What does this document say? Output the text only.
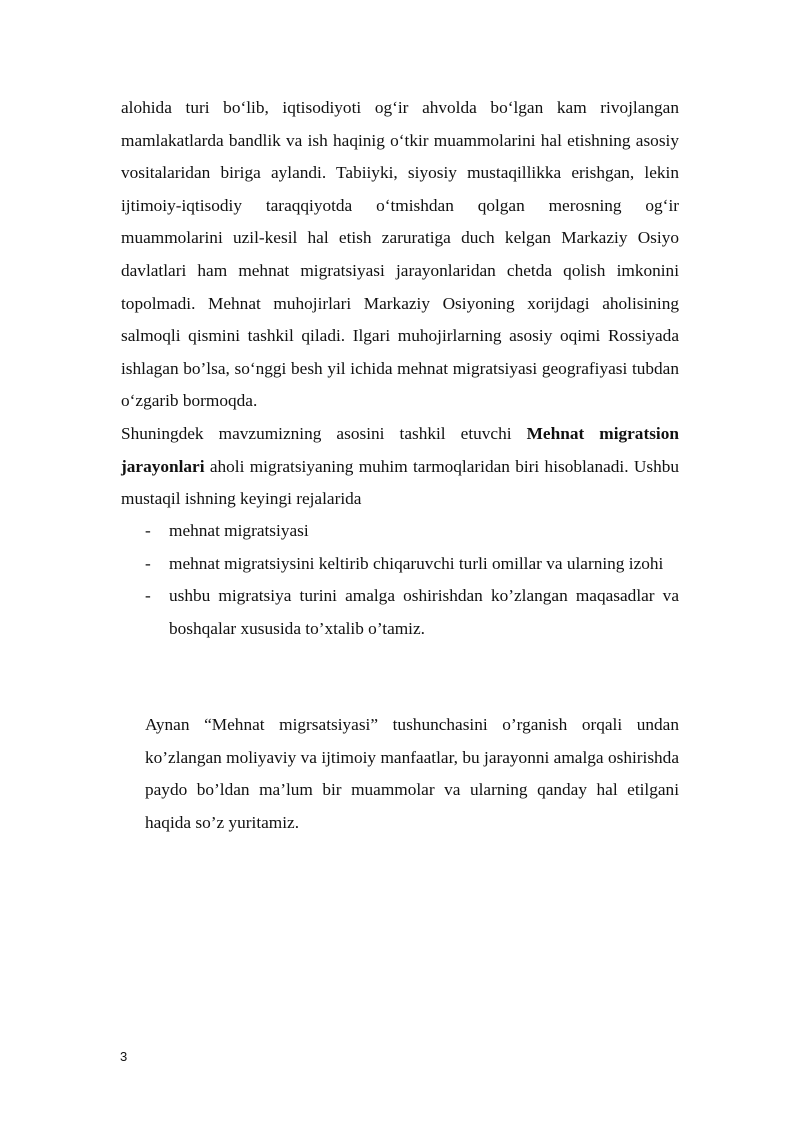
alohida turi bo‘lib, iqtisodiyoti og‘ir ahvolda bo‘lgan kam rivojlangan mamlakatlarda bandlik va ish haqinig o‘tkir muammolarini hal etishning asosiy vositalaridan biriga aylandi. Tabiiyki, siyosiy mustaqillikka erishgan, lekin ijtimoiy-iqtisodiy taraqqiyotda o‘tmishdan qolgan merosning og‘ir muammolarini uzil-kesil hal etish zaruratiga duch kelgan Markaziy Osiyo davlatlari ham mehnat migratsiyasi jarayonlaridan chetda qolish imkonini topolmadi. Mehnat muhojirlari Markaziy Osiyoning xorijdagi aholisining salmoqli qismini tashkil qiladi. Ilgari muhojirlarning asosiy oqimi Rossiyada ishlagan bo’lsa, so‘nggi besh yil ichida mehnat migratsiyasi geografiyasi tubdan o‘zgarib bormoqda.

Shuningdek mavzumizning asosini tashkil etuvchi Mehnat migratsion jarayonlari aholi migratsiyaning muhim tarmoqlaridan biri hisoblanadi. Ushbu mustaqil ishning keyingi rejalarida

- mehnat migratsiyasi
- mehnat migratsiysini keltirib chiqaruvchi turli omillar va ularning izohi
- ushbu migratsiya turini amalga oshirishdan ko’zlangan maqasadlar va boshqalar xususida to’xtalib o’tamiz.

Aynan “Mehnat migrsatsiyasi” tushunchasini o’rganish orqali undan ko’zlangan moliyaviy va ijtimoiy manfaatlar, bu jarayonni amalga oshirishda paydo bo’ldan ma’lum bir muammolar va ularning qanday hal etilgani haqida so’z yuritamiz.

3
